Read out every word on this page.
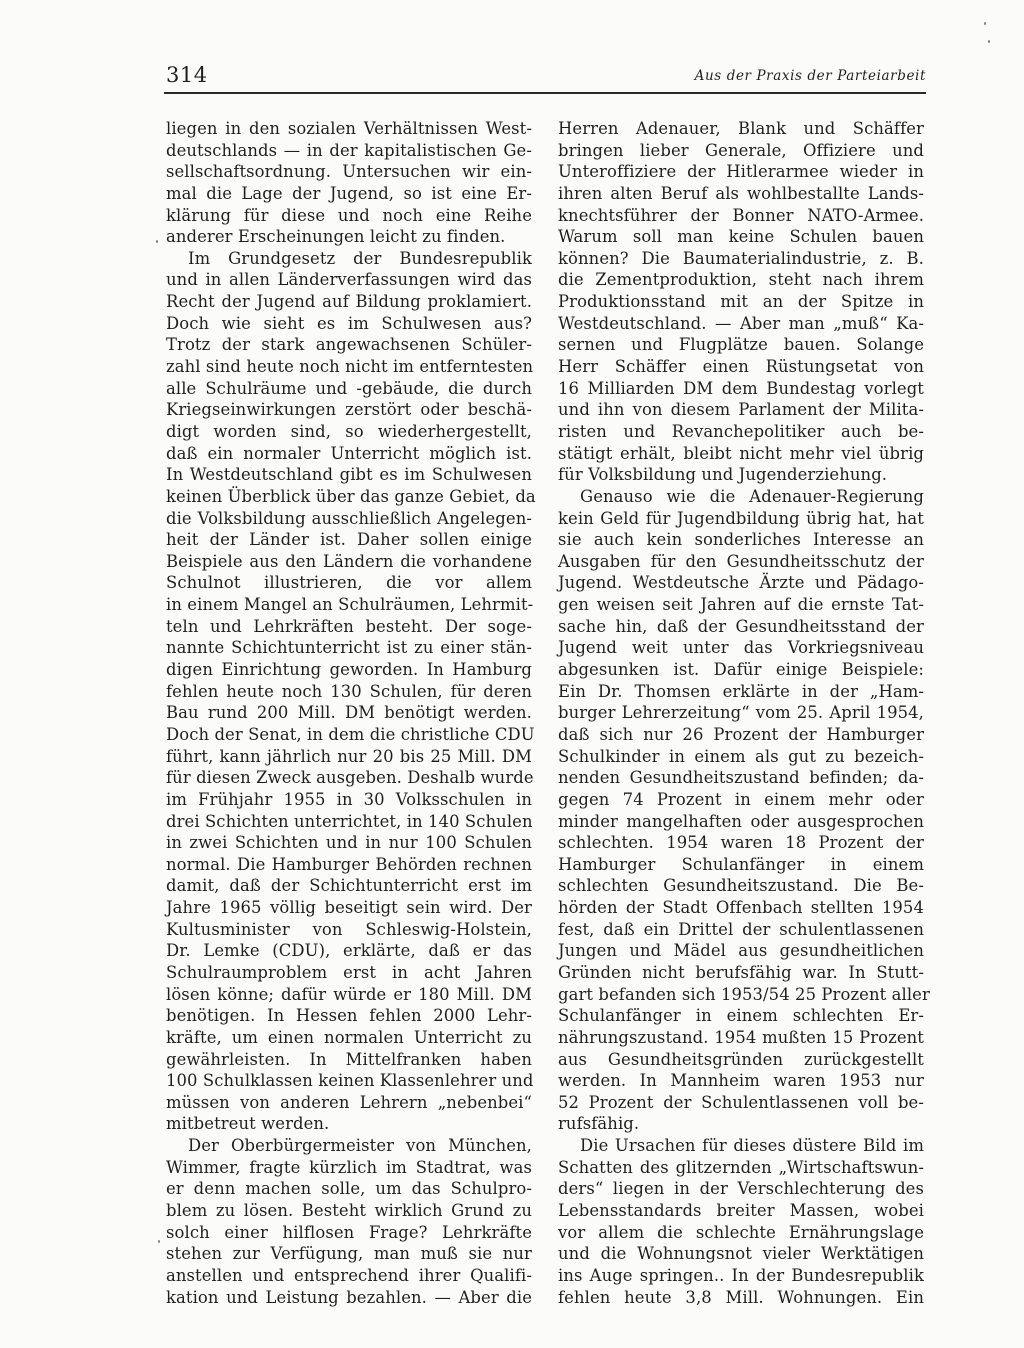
314	Aus der Praxis der Parteiarbeit
liegen in den sozialen Verhältnissen West-
deutschlands — in der kapitalistischen Ge-
sellschaftsordnung. Untersuchen wir ein-
mal die Lage der Jugend, so ist eine Er-
klärung für diese und noch eine Reihe
anderer Erscheinungen leicht zu finden.
Im Grundgesetz der Bundesrepublik
und in allen Länderverfassungen wird das
Recht der Jugend auf Bildung proklamiert.
Doch wie sieht es im Schulwesen aus?
Trotz der stark angewachsenen Schüler-
zahl sind heute noch nicht im entferntesten
alle Schulräume und -gebäude, die durch
Kriegseinwirkungen zerstört oder beschä-
digt worden sind, so wiederhergestellt,
daß ein normaler Unterricht möglich ist.
In Westdeutschland gibt es im Schulwesen
keinen Überblick über das ganze Gebiet, da
die Volksbildung ausschließlich Angelegen-
heit der Länder ist. Daher sollen einige
Beispiele aus den Ländern die vorhandene
Schulnot illustrieren, die vor allem
in einem Mangel an Schulräumen, Lehrmit-
teln und Lehrkräften besteht. Der soge-
nannte Schichtunterricht ist zu einer stän-
digen Einrichtung geworden. In Hamburg
fehlen heute noch 130 Schulen, für deren
Bau rund 200 Mill. DM benötigt werden.
Doch der Senat, in dem die christliche CDU
führt, kann jährlich nur 20 bis 25 Mill. DM
für diesen Zweck ausgeben. Deshalb wurde
im Frühjahr 1955 in 30 Volksschulen in
drei Schichten unterrichtet, in 140 Schulen
in zwei Schichten und in nur 100 Schulen
normal. Die Hamburger Behörden rechnen
damit, daß der Schichtunterricht erst im
Jahre 1965 völlig beseitigt sein wird. Der
Kultusminister von Schleswig-Holstein,
Dr. Lemke (CDU), erklärte, daß er das
Schulraumproblem erst in acht Jahren
lösen könne; dafür würde er 180 Mill. DM
benötigen. In Hessen fehlen 2000 Lehr-
kräfte, um einen normalen Unterricht zu
gewährleisten. In Mittelfranken haben
100 Schulklassen keinen Klassenlehrer und
müssen von anderen Lehrern „nebenbei“
mitbetreut werden.
Der Oberbürgermeister von München,
Wimmer, fragte kürzlich im Stadtrat, was
er denn machen solle, um das Schulpro-
blem zu lösen. Besteht wirklich Grund zu
solch einer hilflosen Frage? Lehrkräfte
stehen zur Verfügung, man muß sie nur
anstellen und entsprechend ihrer Qualifi-
kation und Leistung bezahlen. — Aber die
Herren Adenauer, Blank und Schäffer
bringen lieber Generale, Offiziere und
Unteroffiziere der Hitlerarmee wieder in
ihren alten Beruf als wohlbestallte Lands-
knechtsführer der Bonner NATO-Armee.
Warum soll man keine Schulen bauen
können? Die Baumaterialindustrie, z. B.
die Zementproduktion, steht nach ihrem
Produktionsstand mit an der Spitze in
Westdeutschland. — Aber man „muß“ Ka-
sernen und Flugplätze bauen. Solange
Herr Schäffer einen Rüstungsetat von
16 Milliarden DM dem Bundestag vorlegt
und ihn von diesem Parlament der Milita-
risten und Revanchepolitiker auch be-
stätigt erhält, bleibt nicht mehr viel übrig
für Volksbildung und Jugenderziehung.
Genauso wie die Adenauer-Regierung
kein Geld für Jugendbildung übrig hat, hat
sie auch kein sonderliches Interesse an
Ausgaben für den Gesundheitsschutz der
Jugend. Westdeutsche Ärzte und Pädago-
gen weisen seit Jahren auf die ernste Tat-
sache hin, daß der Gesundheitsstand der
Jugend weit unter das Vorkriegsniveau
abgesunken ist. Dafür einige Beispiele:
Ein Dr. Thomsen erklärte in der „Ham-
burger Lehrerzeitung“ vom 25. April 1954,
daß sich nur 26 Prozent der Hamburger
Schulkinder in einem als gut zu bezeich-
nenden Gesundheitszustand befinden; da-
gegen 74 Prozent in einem mehr oder
minder mangelhaften oder ausgesprochen
schlechten. 1954 waren 18 Prozent der
Hamburger Schulanfänger in einem
schlechten Gesundheitszustand. Die Be-
hörden der Stadt Offenbach stellten 1954
fest, daß ein Drittel der schulentlassenen
Jungen und Mädel aus gesundheitlichen
Gründen nicht berufsfähig war. In Stutt-
gart befanden sich 1953/54 25 Prozent aller
Schulanfänger in einem schlechten Er-
nährungszustand. 1954 mußten 15 Prozent
aus Gesundheitsgründen zurückgestellt
werden. In Mannheim waren 1953 nur
52 Prozent der Schulentlassenen voll be-
rufsfähig.
Die Ursachen für dieses düstere Bild im
Schatten des glitzernden „Wirtschaftswun-
ders“ liegen in der Verschlechterung des
Lebensstandards breiter Massen, wobei
vor allem die schlechte Ernährungslage
und die Wohnungsnot vieler Werktätigen
ins Auge springen.. In der Bundesrepublik
fehlen heute 3,8 Mill. Wohnungen. Ein
